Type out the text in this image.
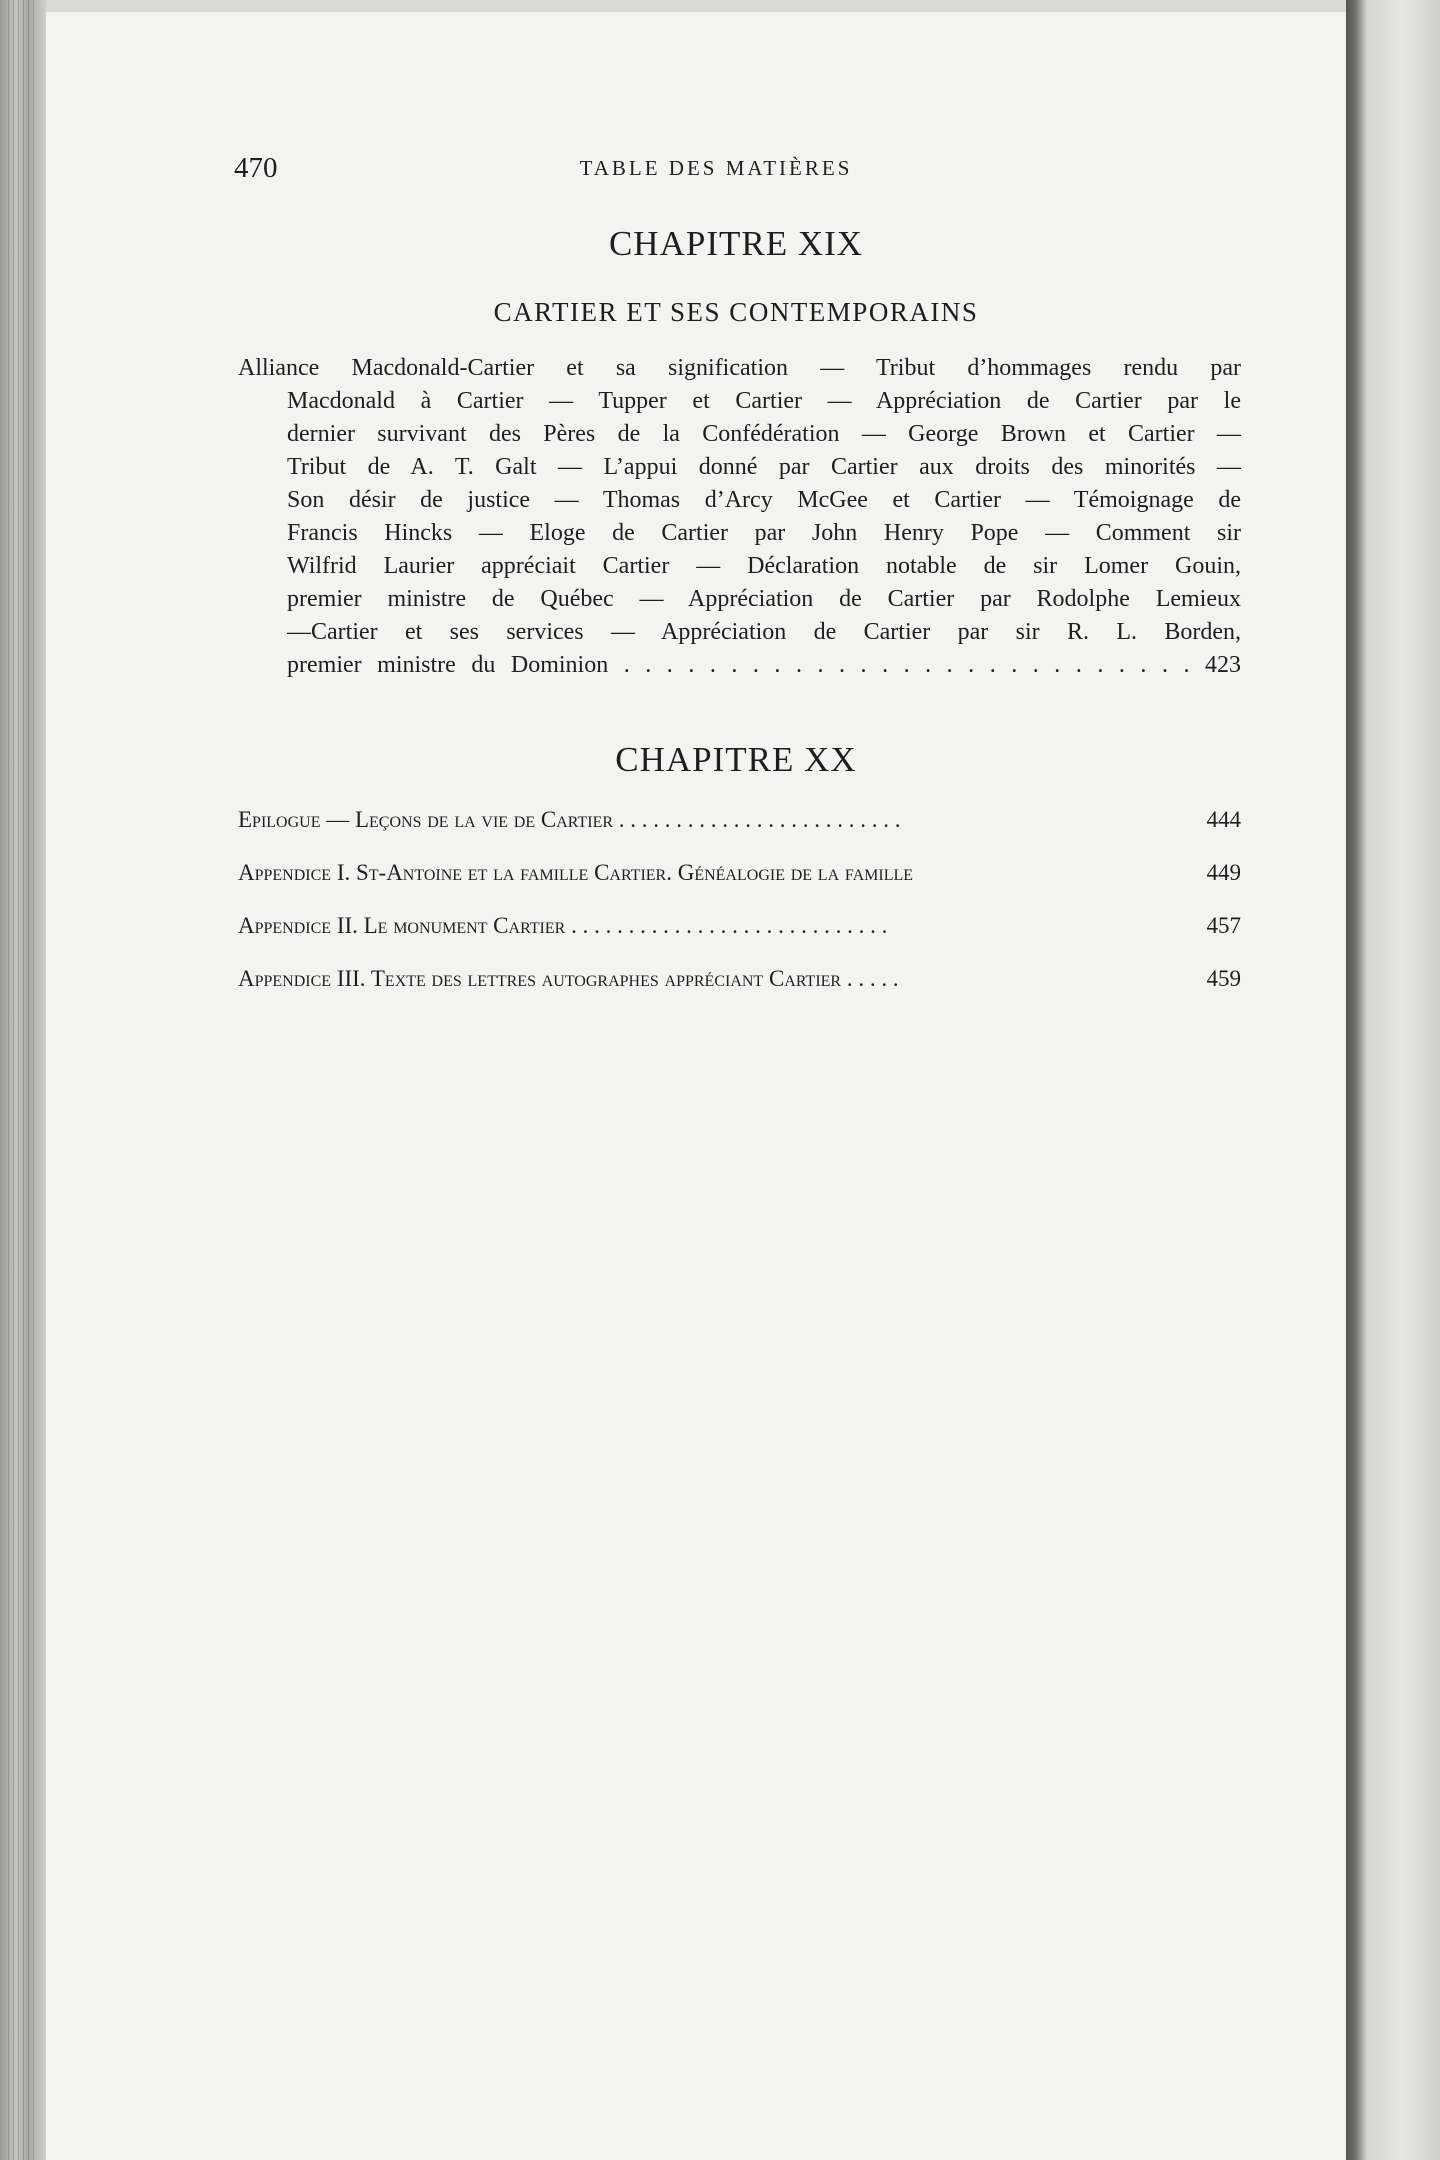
470	TABLE DES MATIÈRES
CHAPITRE XIX
CARTIER ET SES CONTEMPORAINS
Alliance Macdonald-Cartier et sa signification — Tribut d’hommages rendu par
Macdonald à Cartier — Tupper et Cartier — Appréciation de Cartier par le
dernier survivant des Pères de la Confédération — George Brown et Cartier —
Tribut de A. T. Galt — L’appui donné par Cartier aux droits des minorités —
Son désir de justice — Thomas d’Arcy McGee et Cartier — Témoignage de
Francis Hincks — Eloge de Cartier par John Henry Pope — Comment sir
Wilfrid Laurier appréciait Cartier — Déclaration notable de sir Lomer Gouin,
premier ministre de Québec — Appréciation de Cartier par Rodolphe Lemieux
—Cartier et ses services — Appréciation de Cartier par sir R. L. Borden,
premier ministre du Dominion . . . . . . . . . . . . . . . . . . . . . . . . . . . 423
CHAPITRE XX
Epilogue — Leçons de la vie de Cartier . . . . . . . . . . . . . . . . . . . . . . . . .	444
Appendice I. St-Antoine et la famille Cartier. Généalogie de la famille	449
Appendice II. Le monument Cartier . . . . . . . . . . . . . . . . . . . . . . . . . . . .	457
Appendice III. Texte des lettres autographes appréciant Cartier . . . . .	459
